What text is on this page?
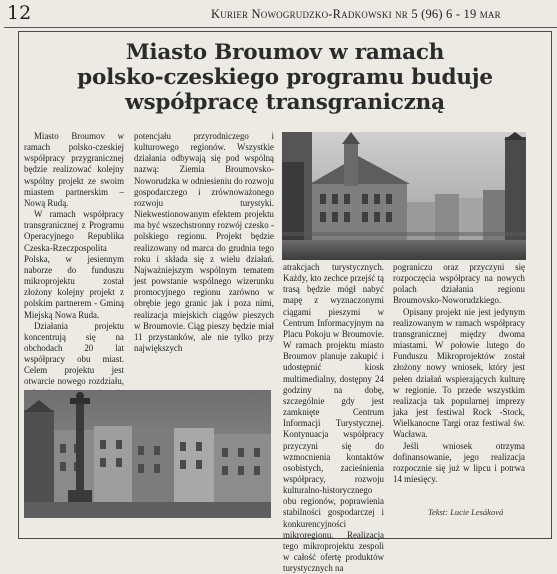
12	Kurier Nowogrudzko-Radkowski nr 5 (96) 6 - 19 mar
Miasto Broumov w ramach
polsko-czeskiego programu buduje
współpracę transgraniczną

Miasto Broumov w ramach polsko-czeskiej współpracy przygranicznej będzie realizować kolejny wspólny projekt ze swoim miastem partnerskim – Nową Rudą.

W ramach współpracy transgranicznej z Programu Operacyjnego Republika Czeska-Rzeczpospolita Polska, w jesiennym naborze do funduszu mikroprojektu został złożony kolejny projekt z polskim partnerem - Gminą Miejską Nowa Ruda.

Działania projektu koncentrują się na obchodach 20 lat współpracy obu miast. Celem projektu jest otwarcie nowego rozdziału,

potencjału przyrodniczego i kulturowego regionów. Wszystkie działania odbywają się pod wspólną nazwą: Ziemia Broumovsko-Noworudzka w odniesieniu do rozwoju gospodarczego i zrównoważonego rozwoju turystyki. Niekwestionowanym efektem projektu ma być wszechstronny rozwój czesko - polskiego regionu. Projekt będzie realizowany od marca do grudnia tego roku i składa się z wielu działań. Najważniejszym wspólnym tematem jest powstanie wspólnego wizerunku promocyjnego regionu zarówno w obrębie jego granic jak i poza nimi, realizacja miejskich ciągów pieszych w Broumovie. Ciąg pieszy będzie miał 11 przystanków, ale nie tylko przy największych

atrakcjach turystycznych. Każdy, kto zechce przejść tą trasą będzie mógł nabyć mapę z wyznaczonymi ciągami pieszymi w Centrum Informacyjnym na Placu Pokoju w Broumovie. W ramach projektu miasto Broumov planuje zakupić i udostępnić kiosk multimedialny, dostępny 24 godziny na dobę, szczególnie gdy jest zamknięte Centrum Informacji Turystycznej. Kontynuacja współpracy przyczyni się do wzmocnienia kontaktów osobistych, zacieśnienia współpracy, rozwoju kulturalno-historycznego obu regionów, poprawienia stabilności gospodarczej i konkurencyjności mikroregionu. Realizacja tego mikroprojektu zespoli w całość ofertę produktów turystycznych na

pograniczu oraz przyczyni się rozpoczęcia współpracy na nowych polach działania regionu Broumovsko-Noworudzkiego.

Opisany projekt nie jest jedynym realizowanym w ramach współpracy transgranicznej między dwoma miastami. W połowie lutego do Funduszu Mikroprojektów został złożony nowy wniosek, który jest pełen działań wspierających kulturę w regionie. To przede wszystkim realizacja tak popularnej imprezy jaka jest festiwal Rock -Stock, Wielkanocne Targi oraz festiwal św. Wacława.

Jeśli wniosek otrzyma dofinansowanie, jego realizacja rozpocznie się już w lipcu i potrwa 14 miesięcy.

Tekst: Lucie Lesáková
